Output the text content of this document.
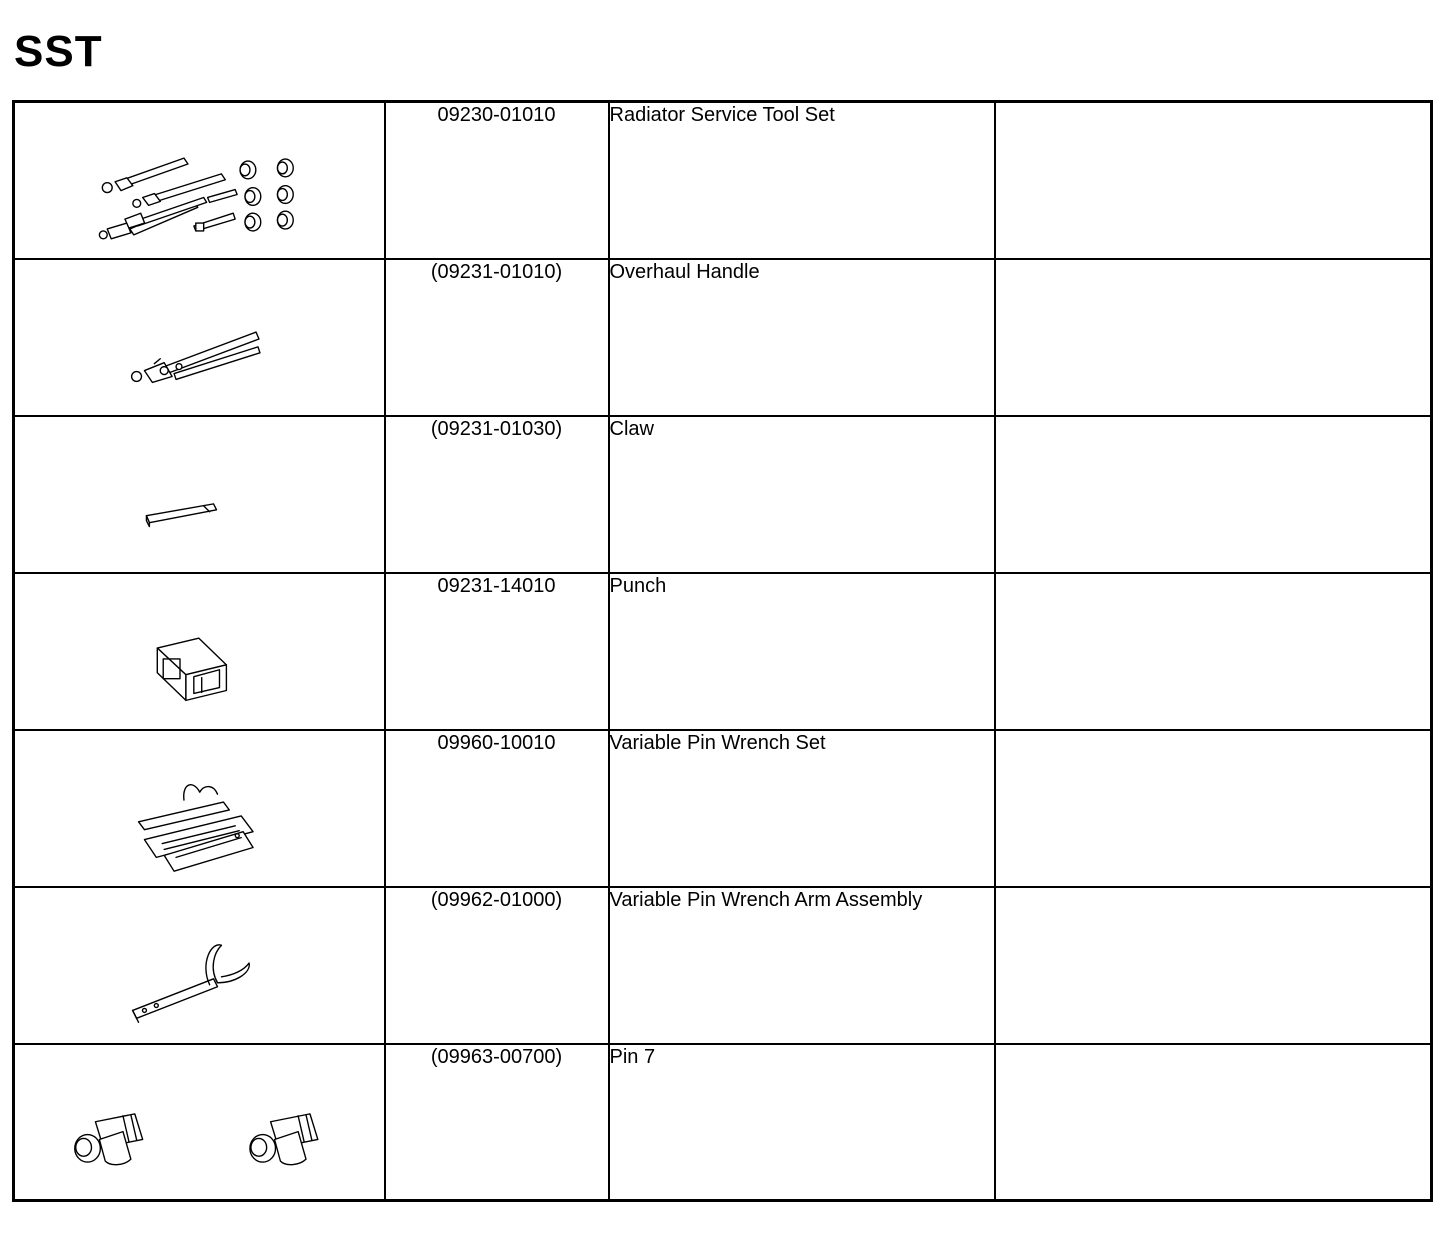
SST
	09230-01010	Radiator Service Tool Set	

	(09231-01010)	Overhaul Handle	

	(09231-01030)	Claw	

	09231-14010	Punch	

	09960-10010	Variable Pin Wrench Set	

	(09962-01000)	Variable Pin Wrench Arm Assembly	

	(09963-00700)	Pin 7	
